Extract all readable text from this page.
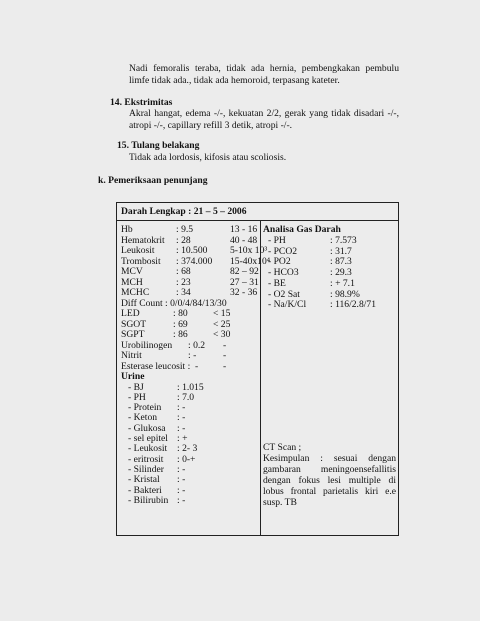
Nadi femoralis teraba, tidak ada hernia, pembengkakan pembulu limfe tidak ada., tidak ada hemoroid, terpasang kateter.
14. Ekstrimitas
Akral hangat, edema -/-, kekuatan 2/2, gerak yang tidak disadari -/-, atropi -/-, capillary refill 3 detik, atropi -/-.
15. Tulang belakang
Tidak ada lordosis, kifosis atau scoliosis.
k. Pemeriksaan penunjang
Darah Lengkap : 21 – 5 – 2006
Hb	: 9.5	13 - 16
Hematokrit : 28	40 - 48
Leukosit : 10.500 5-10x 10³
Trombosit : 374.000 15-40x10⁴
MCV	: 68	82 – 92
MCH	: 23	27 – 31
MCHC	: 34	32 - 36
Diff Count : 0/0/4/84/13/30
LED	: 80	< 15
SGOT	: 69	< 25
SGPT	: 86	< 30
Urobilinogen : 0.2 -
Nitrit	: -	-
Esterase leucosit : -	-
Urine
- BJ	: 1.015
- PH	: 7.0
- Protein : -
- Keton : -
- Glukosa : -
- sel epitel : +
- Leukosit : 2- 3
- eritrosit : 0-+
- Silinder : -
- Kristal : -
- Bakteri : -
- Bilirubin : -
Analisa Gas Darah
- PH	: 7.573
- PCO2	: 31.7
- PO2	: 87.3
- HCO3	: 29.3
- BE	: + 7.1
- O2 Sat	: 98.9%
- Na/K/Cl : 116/2.8/71
CT Scan ;
Kesimpulan : sesuai dengan gambaran meningoensefallitis dengan fokus lesi multiple di lobus frontal parietalis kiri e.e susp. TB
